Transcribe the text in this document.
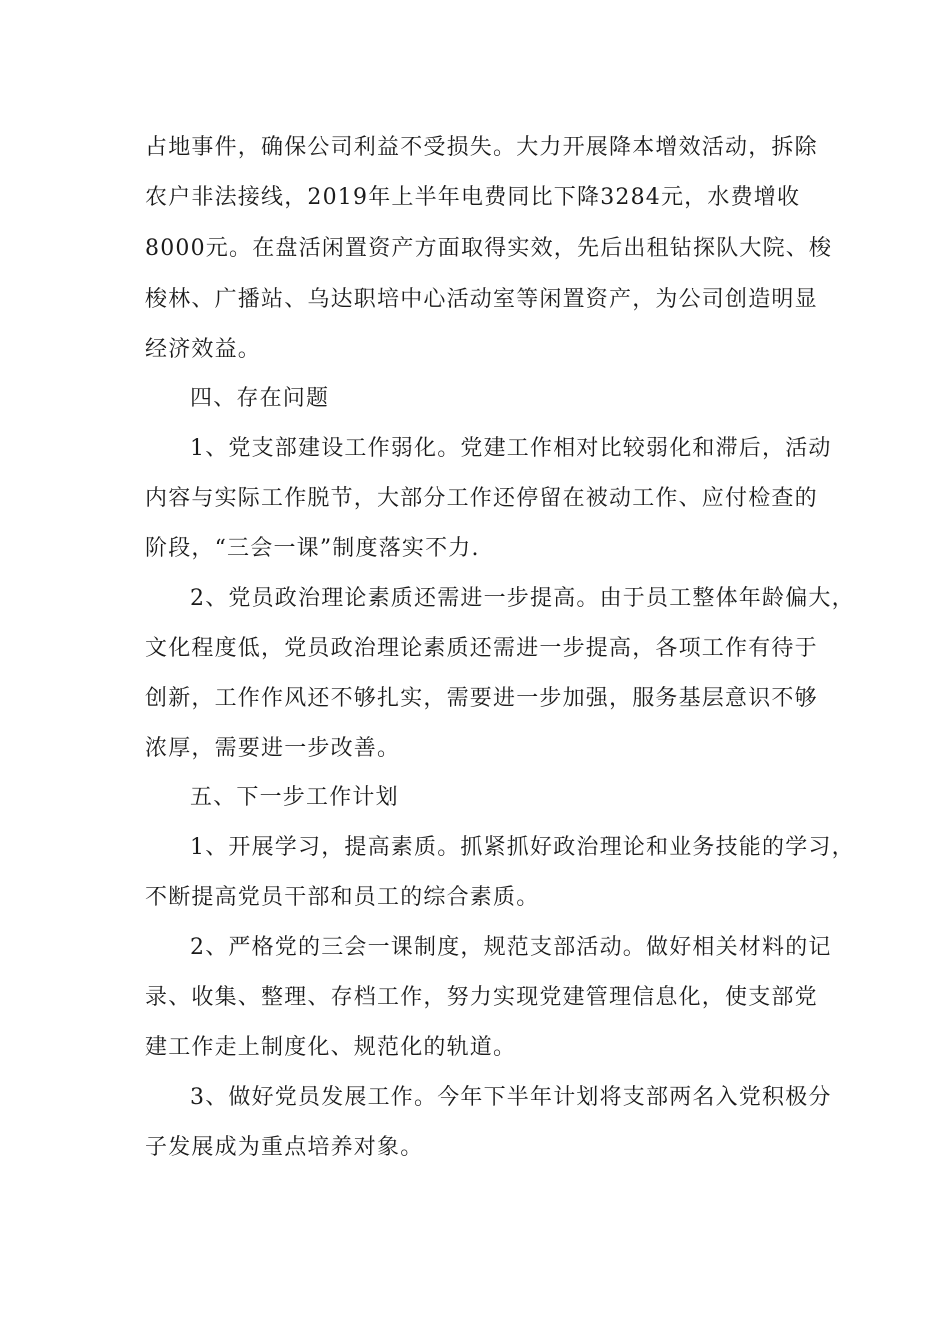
占地事件，确保公司利益不受损失。大力开展降本增效活动，拆除
农户非法接线，2019年上半年电费同比下降3284元，水费增收
8000元。在盘活闲置资产方面取得实效，先后出租钻探队大院、梭
梭林、广播站、乌达职培中心活动室等闲置资产，为公司创造明显
经济效益。
四、存在问题
1、党支部建设工作弱化。党建工作相对比较弱化和滞后，活动
内容与实际工作脱节，大部分工作还停留在被动工作、应付检查的
阶段，“三会一课”制度落实不力.
2、党员政治理论素质还需进一步提高。由于员工整体年龄偏大，
文化程度低，党员政治理论素质还需进一步提高，各项工作有待于
创新，工作作风还不够扎实，需要进一步加强，服务基层意识不够
浓厚，需要进一步改善。
五、下一步工作计划
1、开展学习，提高素质。抓紧抓好政治理论和业务技能的学习，
不断提高党员干部和员工的综合素质。
2、严格党的三会一课制度，规范支部活动。做好相关材料的记
录、收集、整理、存档工作，努力实现党建管理信息化，使支部党
建工作走上制度化、规范化的轨道。
3、做好党员发展工作。今年下半年计划将支部两名入党积极分
子发展成为重点培养对象。
